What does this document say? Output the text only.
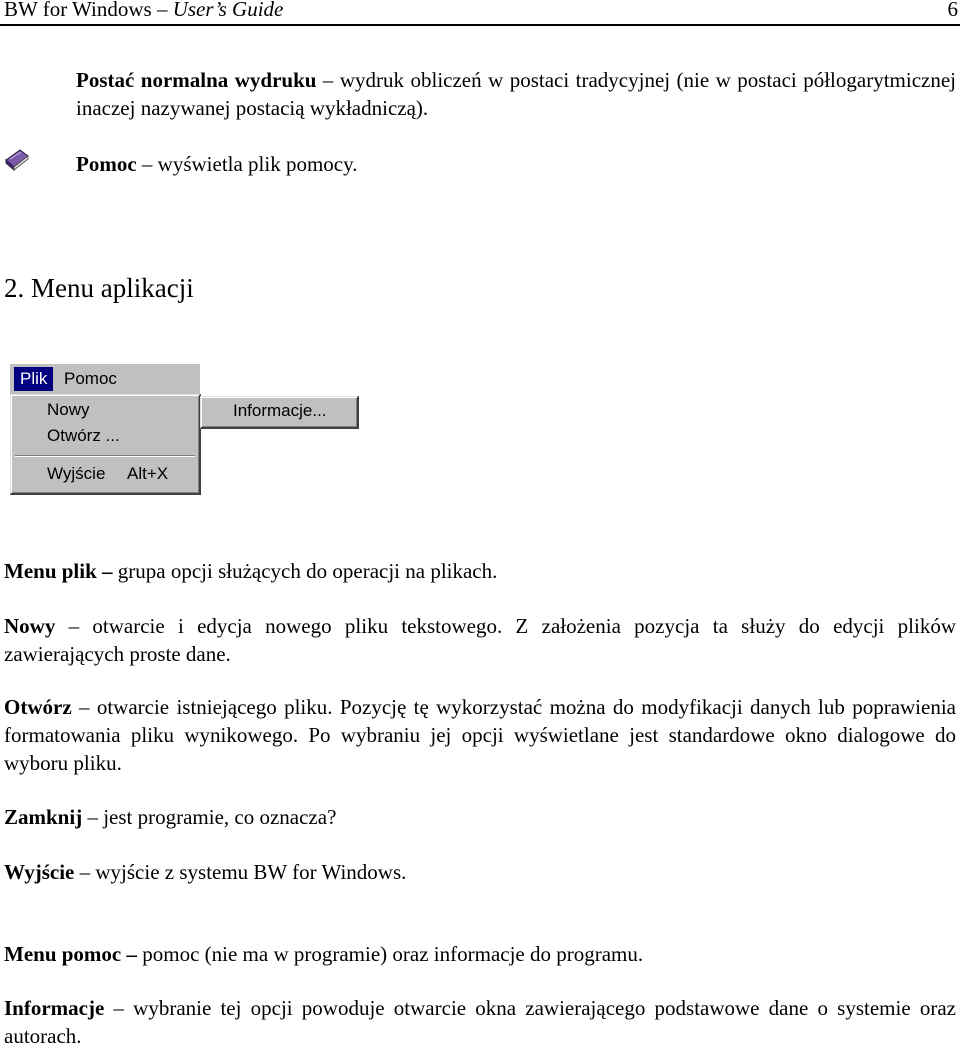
BW for Windows – User’s Guide	6

Postać normalna wydruku – wydruk obliczeń w postaci tradycyjnej (nie w postaci półlogarytmicznej inaczej nazywanej postacią wykładniczą).

Pomoc – wyświetla plik pomocy.

2. Menu aplikacji
Plik Pomoc
Nowy
Otwórz ...
Wyjście Alt+X
Informacje...

Menu plik – grupa opcji służących do operacji na plikach.

Nowy – otwarcie i edycja nowego pliku tekstowego. Z założenia pozycja ta służy do edycji plików zawierających proste dane.

Otwórz – otwarcie istniejącego pliku. Pozycję tę wykorzystać można do modyfikacji danych lub poprawienia formatowania pliku wynikowego. Po wybraniu jej opcji wyświetlane jest standardowe okno dialogowe do wyboru pliku.

Zamknij – jest programie, co oznacza?

Wyjście – wyjście z systemu BW for Windows.

Menu pomoc – pomoc (nie ma w programie) oraz informacje do programu.

Informacje – wybranie tej opcji powoduje otwarcie okna zawierającego podstawowe dane o systemie oraz autorach.
